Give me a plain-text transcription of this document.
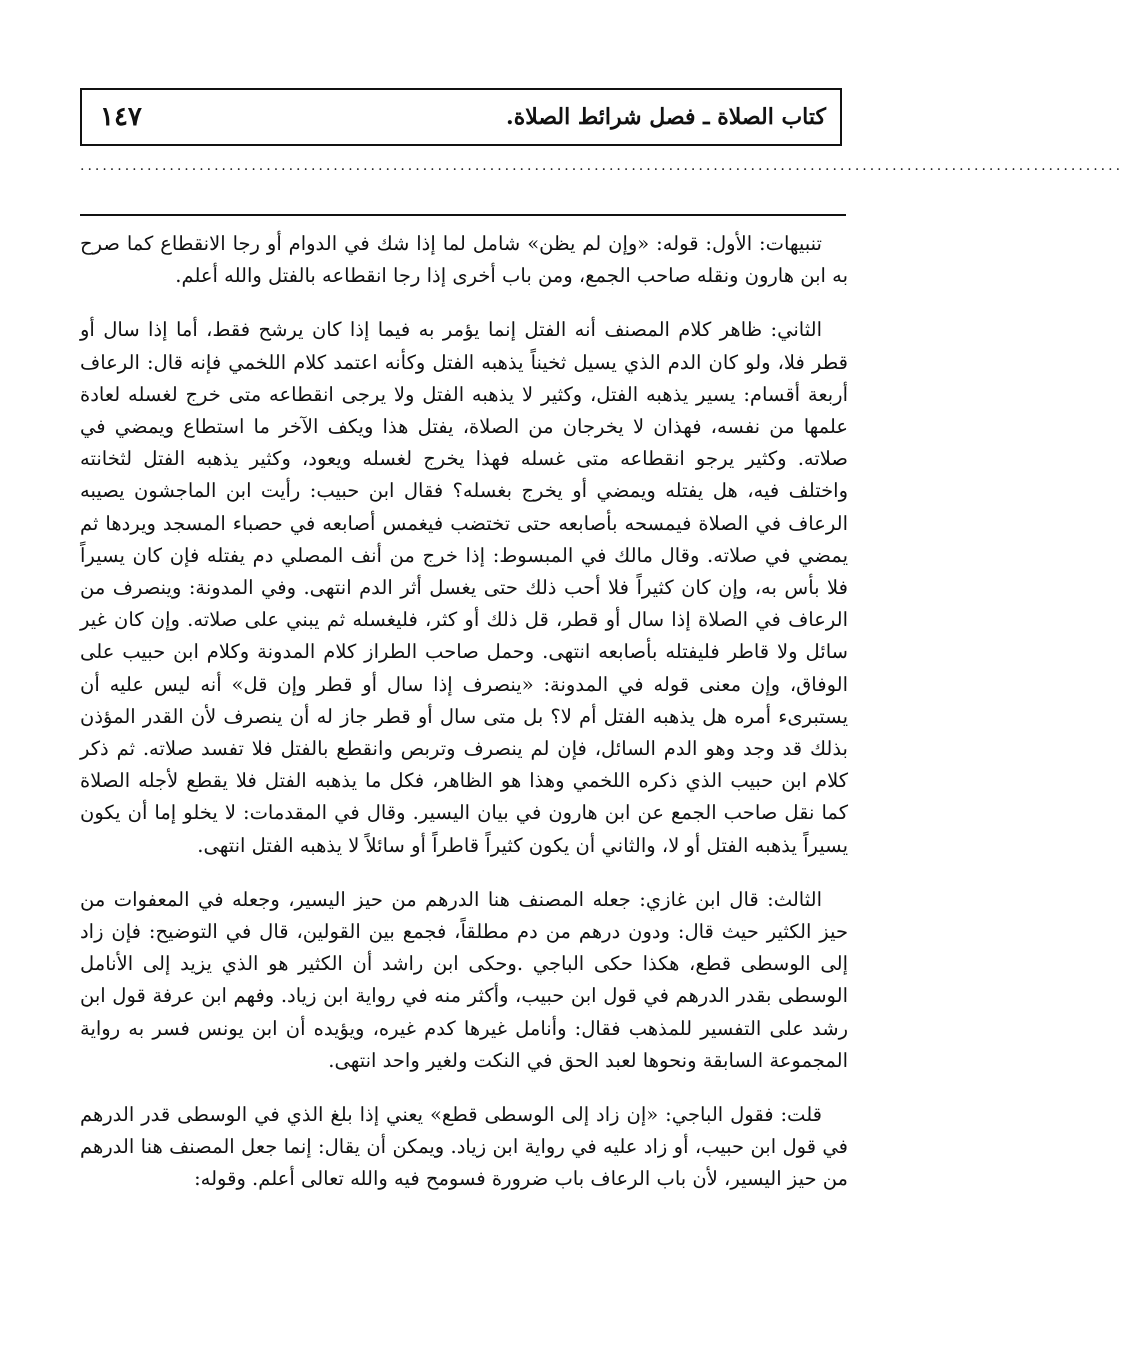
١٤٧	كتاب الصلاة ـ فصل شرائط الصلاة.
............................................................................................................................................

تنبيهات: الأول: قوله: «وإن لم يظن» شامل لما إذا شك في الدوام أو رجا الانقطاع كما صرح به ابن هارون ونقله صاحب الجمع، ومن باب أخرى إذا رجا انقطاعه بالفتل والله أعلم.

الثاني: ظاهر كلام المصنف أنه الفتل إنما يؤمر به فيما إذا كان يرشح فقط، أما إذا سال أو قطر فلا، ولو كان الدم الذي يسيل ثخيناً يذهبه الفتل وكأنه اعتمد كلام اللخمي فإنه قال: الرعاف أربعة أقسام: يسير يذهبه الفتل، وكثير لا يذهبه الفتل ولا يرجى انقطاعه متى خرج لغسله لعادة علمها من نفسه، فهذان لا يخرجان من الصلاة، يفتل هذا ويكف الآخر ما استطاع ويمضي في صلاته. وكثير يرجو انقطاعه متى غسله فهذا يخرج لغسله ويعود، وكثير يذهبه الفتل لثخانته واختلف فيه، هل يفتله ويمضي أو يخرج بغسله؟ فقال ابن حبيب: رأيت ابن الماجشون يصيبه الرعاف في الصلاة فيمسحه بأصابعه حتى تختضب فيغمس أصابعه في حصباء المسجد ويردها ثم يمضي في صلاته. وقال مالك في المبسوط: إذا خرج من أنف المصلي دم يفتله فإن كان يسيراً فلا بأس به، وإن كان كثيراً فلا أحب ذلك حتى يغسل أثر الدم انتهى. وفي المدونة: وينصرف من الرعاف في الصلاة إذا سال أو قطر، قل ذلك أو كثر، فليغسله ثم يبني على صلاته. وإن كان غير سائل ولا قاطر فليفتله بأصابعه انتهى. وحمل صاحب الطراز كلام المدونة وكلام ابن حبيب على الوفاق، وإن معنى قوله في المدونة: «ينصرف إذا سال أو قطر وإن قل» أنه ليس عليه أن يستبرىء أمره هل يذهبه الفتل أم لا؟ بل متى سال أو قطر جاز له أن ينصرف لأن القدر المؤذن بذلك قد وجد وهو الدم السائل، فإن لم ينصرف وتربص وانقطع بالفتل فلا تفسد صلاته. ثم ذكر كلام ابن حبيب الذي ذكره اللخمي وهذا هو الظاهر، فكل ما يذهبه الفتل فلا يقطع لأجله الصلاة كما نقل صاحب الجمع عن ابن هارون في بيان اليسير. وقال في المقدمات: لا يخلو إما أن يكون يسيراً يذهبه الفتل أو لا، والثاني أن يكون كثيراً قاطراً أو سائلاً لا يذهبه الفتل انتهى.

الثالث: قال ابن غازي: جعله المصنف هنا الدرهم من حيز اليسير، وجعله في المعفوات من حيز الكثير حيث قال: ودون درهم من دم مطلقاً، فجمع بين القولين، قال في التوضيح: فإن زاد إلى الوسطى قطع، هكذا حكى الباجي .وحكى ابن راشد أن الكثير هو الذي يزيد إلى الأنامل الوسطى بقدر الدرهم في قول ابن حبيب، وأكثر منه في رواية ابن زياد. وفهم ابن عرفة قول ابن رشد على التفسير للمذهب فقال: وأنامل غيرها كدم غيره، ويؤيده أن ابن يونس فسر به رواية المجموعة السابقة ونحوها لعبد الحق في النكت ولغير واحد انتهى.

قلت: فقول الباجي: «إن زاد إلى الوسطى قطع» يعني إذا بلغ الذي في الوسطى قدر الدرهم في قول ابن حبيب، أو زاد عليه في رواية ابن زياد. ويمكن أن يقال: إنما جعل المصنف هنا الدرهم من حيز اليسير، لأن باب الرعاف باب ضرورة فسومح فيه والله تعالى أعلم. وقوله:
